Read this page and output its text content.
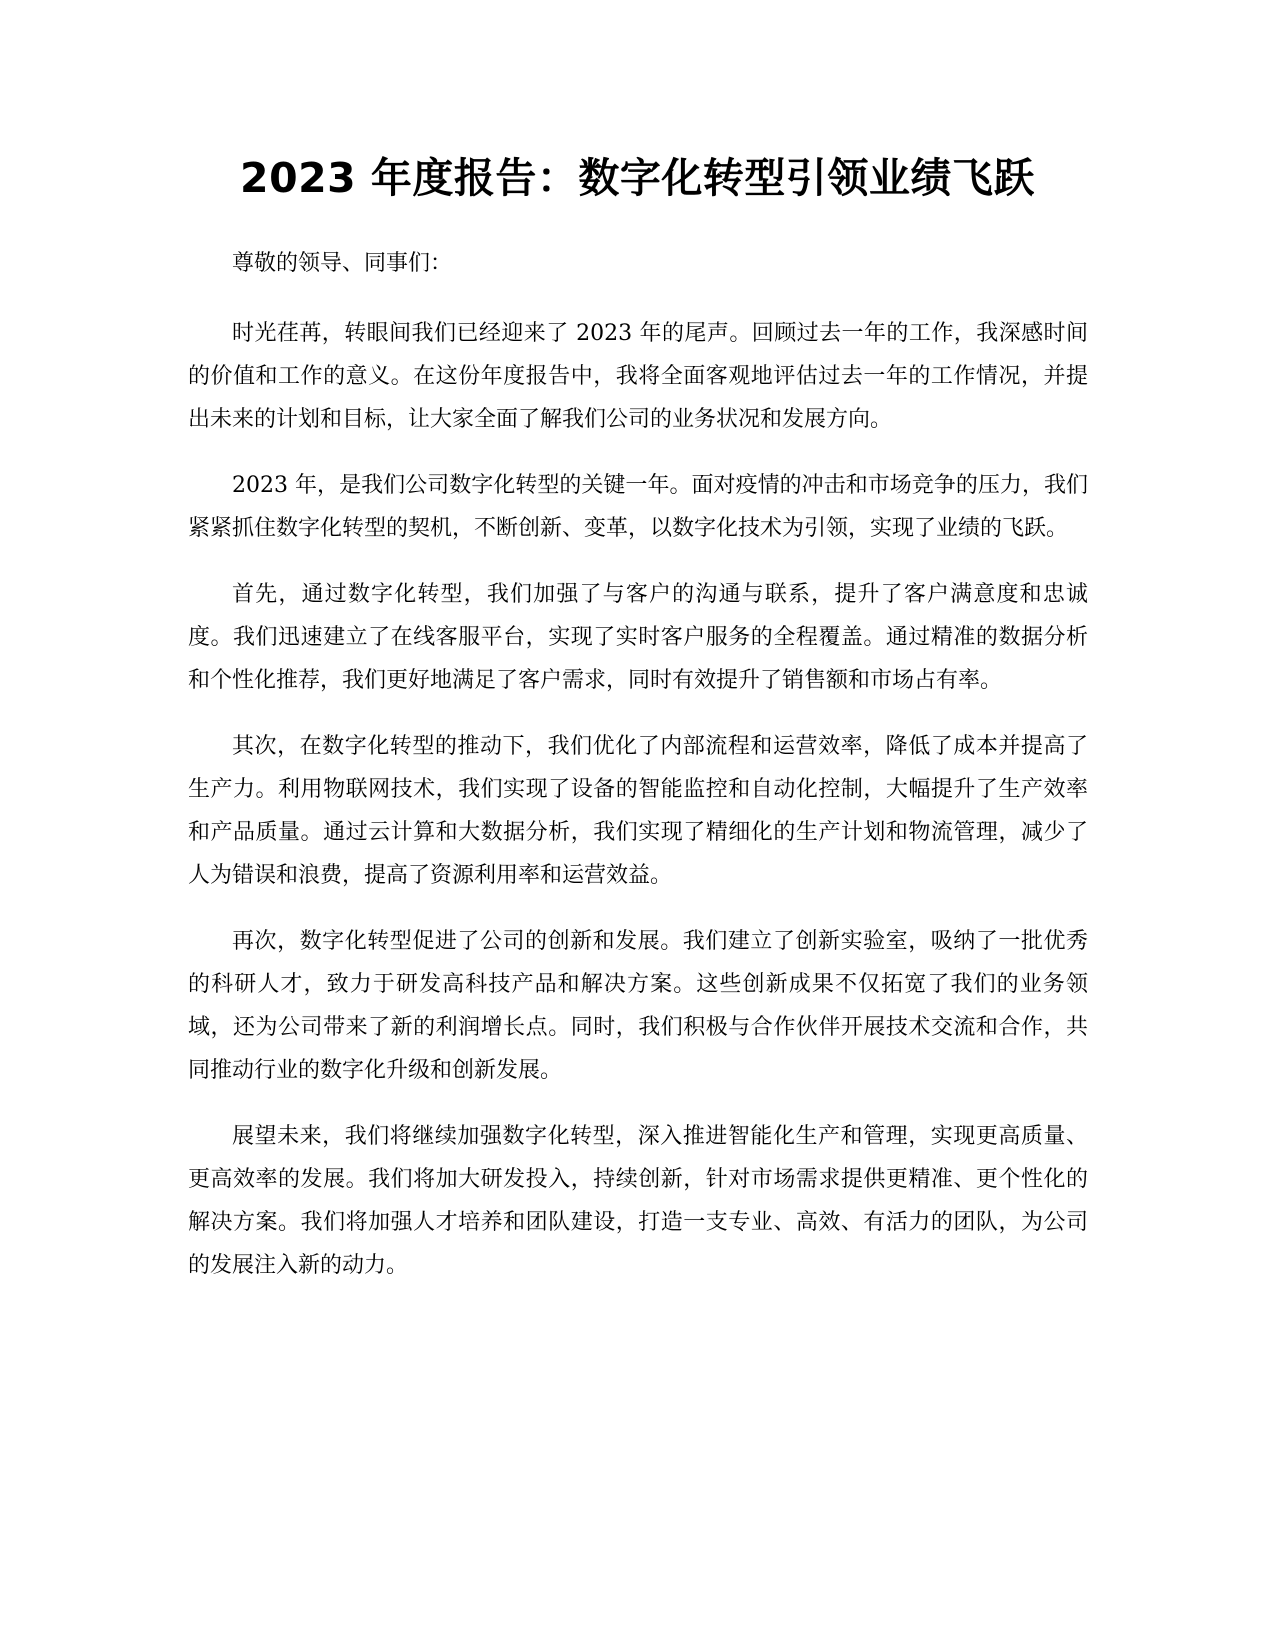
2023 年度报告：数字化转型引领业绩飞跃

尊敬的领导、同事们：

时光荏苒，转眼间我们已经迎来了 2023 年的尾声。回顾过去一年的工作，我深感时间的价值和工作的意义。在这份年度报告中，我将全面客观地评估过去一年的工作情况，并提出未来的计划和目标，让大家全面了解我们公司的业务状况和发展方向。

2023 年，是我们公司数字化转型的关键一年。面对疫情的冲击和市场竞争的压力，我们紧紧抓住数字化转型的契机，不断创新、变革，以数字化技术为引领，实现了业绩的飞跃。

首先，通过数字化转型，我们加强了与客户的沟通与联系，提升了客户满意度和忠诚度。我们迅速建立了在线客服平台，实现了实时客户服务的全程覆盖。通过精准的数据分析和个性化推荐，我们更好地满足了客户需求，同时有效提升了销售额和市场占有率。

其次，在数字化转型的推动下，我们优化了内部流程和运营效率，降低了成本并提高了生产力。利用物联网技术，我们实现了设备的智能监控和自动化控制，大幅提升了生产效率和产品质量。通过云计算和大数据分析，我们实现了精细化的生产计划和物流管理，减少了人为错误和浪费，提高了资源利用率和运营效益。

再次，数字化转型促进了公司的创新和发展。我们建立了创新实验室，吸纳了一批优秀的科研人才，致力于研发高科技产品和解决方案。这些创新成果不仅拓宽了我们的业务领域，还为公司带来了新的利润增长点。同时，我们积极与合作伙伴开展技术交流和合作，共同推动行业的数字化升级和创新发展。

展望未来，我们将继续加强数字化转型，深入推进智能化生产和管理，实现更高质量、更高效率的发展。我们将加大研发投入，持续创新，针对市场需求提供更精准、更个性化的解决方案。我们将加强人才培养和团队建设，打造一支专业、高效、有活力的团队，为公司的发展注入新的动力。
